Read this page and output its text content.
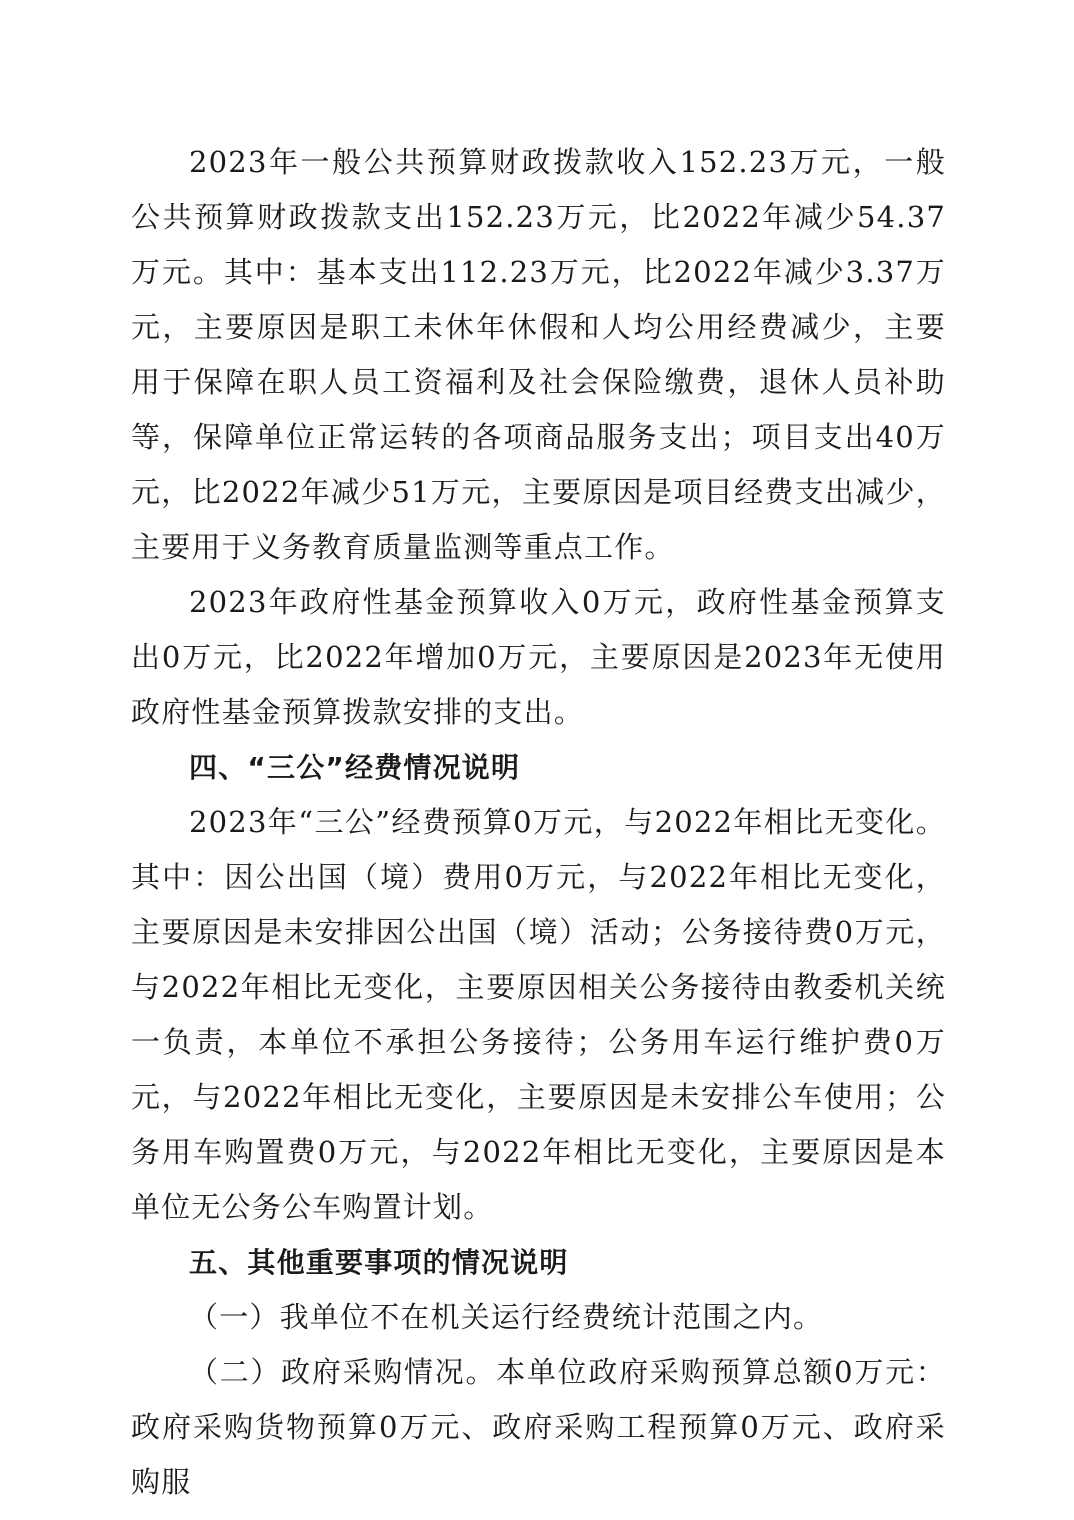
2023年一般公共预算财政拨款收入152.23万元，一般公共预算财政拨款支出152.23万元，比2022年减少54.37万元。其中：基本支出112.23万元，比2022年减少3.37万元，主要原因是职工未休年休假和人均公用经费减少，主要用于保障在职人员工资福利及社会保险缴费，退休人员补助等，保障单位正常运转的各项商品服务支出；项目支出40万元，比2022年减少51万元，主要原因是项目经费支出减少，主要用于义务教育质量监测等重点工作。

2023年政府性基金预算收入0万元，政府性基金预算支出0万元，比2022年增加0万元，主要原因是2023年无使用政府性基金预算拨款安排的支出。

四、“三公”经费情况说明

2023年“三公”经费预算0万元，与2022年相比无变化。其中：因公出国（境）费用0万元，与2022年相比无变化，主要原因是未安排因公出国（境）活动；公务接待费0万元，与2022年相比无变化，主要原因相关公务接待由教委机关统一负责，本单位不承担公务接待；公务用车运行维护费0万元，与2022年相比无变化，主要原因是未安排公车使用；公务用车购置费0万元，与2022年相比无变化，主要原因是本单位无公务公车购置计划。

五、其他重要事项的情况说明

（一）我单位不在机关运行经费统计范围之内。

（二）政府采购情况。本单位政府采购预算总额0万元：政府采购货物预算0万元、政府采购工程预算0万元、政府采购服
